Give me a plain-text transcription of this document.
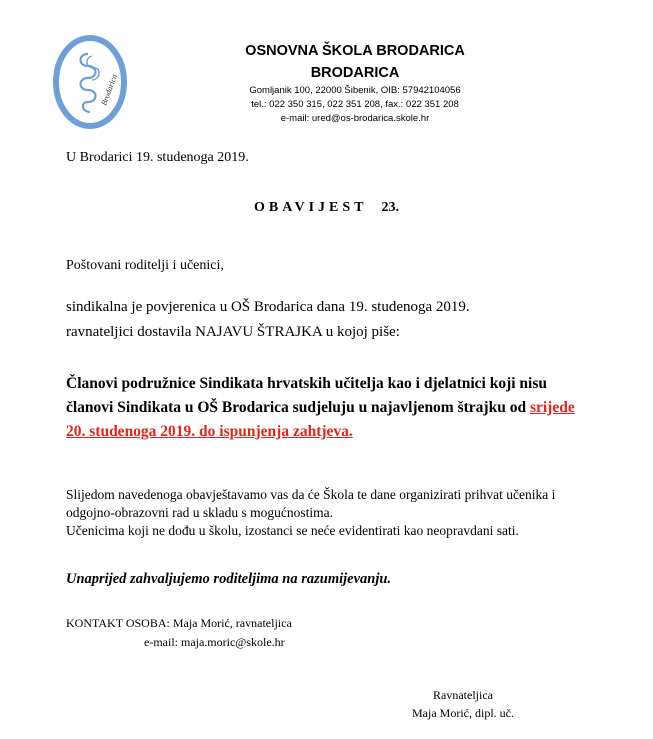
Brodarica
OSNOVNA ŠKOLA BRODARICA
BRODARICA
Gomljanik 100, 22000 Šibenik, OIB: 57942104056
tel.: 022 350 315, 022 351 208, fax.: 022 351 208
e-mail: ured@os-brodarica.skole.hr
U Brodarici 19. studenoga 2019.
OBAVIJEST 23.
Poštovani roditelji i učenici,
sindikalna je povjerenica u OŠ Brodarica dana 19. studenoga 2019.
ravnateljici dostavila NAJAVU ŠTRAJKA u kojoj piše:
Članovi podružnice Sindikata hrvatskih učitelja kao i djelatnici koji nisu članovi Sindikata u OŠ Brodarica sudjeluju u najavljenom štrajku od srijede 20. studenoga 2019. do ispunjenja zahtjeva.
Slijedom navedenoga obavještavamo vas da će Škola te dane organizirati prihvat učenika i odgojno-obrazovni rad u skladu s mogućnostima.
Učenicima koji ne dođu u školu, izostanci se neće evidentirati kao neopravdani sati.
Unaprijed zahvaljujemo roditeljima na razumijevanju.
KONTAKT OSOBA: Maja Morić, ravnateljica
e-mail: maja.moric@skole.hr
Ravnateljica
Maja Morić, dipl. uč.
